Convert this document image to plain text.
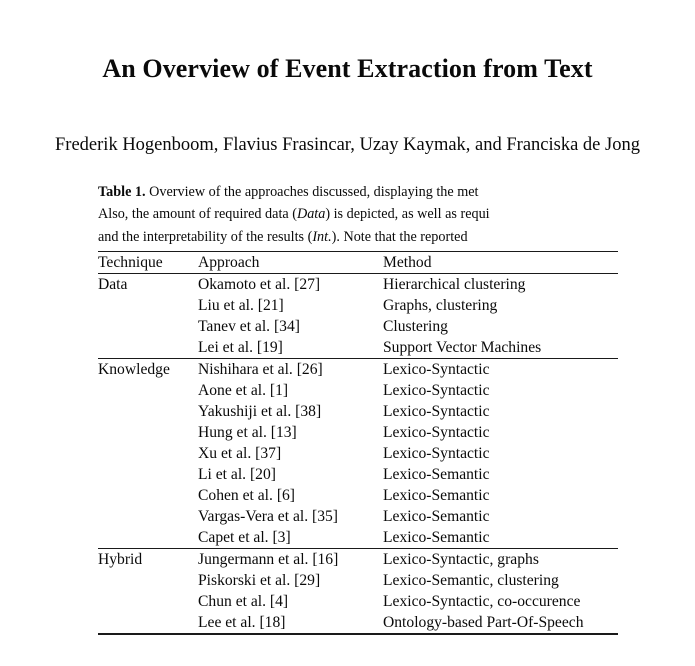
An Overview of Event Extraction from Text
Frederik Hogenboom, Flavius Frasincar, Uzay Kaymak, and Franciska de Jong
Table 1. Overview of the approaches discussed, displaying the met
Also, the amount of required data (Data) is depicted, as well as requi
and the interpretability of the results (Int.). Note that the reported

Technique	Approach	Method

Data	Okamoto et al. [27]	Hierarchical clustering
	Liu et al. [21]	Graphs, clustering
	Tanev et al. [34]	Clustering
	Lei et al. [19]	Support Vector Machines

Knowledge	Nishihara et al. [26]	Lexico-Syntactic
	Aone et al. [1]	Lexico-Syntactic
	Yakushiji et al. [38]	Lexico-Syntactic
	Hung et al. [13]	Lexico-Syntactic
	Xu et al. [37]	Lexico-Syntactic
	Li et al. [20]	Lexico-Semantic
	Cohen et al. [6]	Lexico-Semantic
	Vargas-Vera et al. [35]	Lexico-Semantic
	Capet et al. [3]	Lexico-Semantic

Hybrid	Jungermann et al. [16]	Lexico-Syntactic, graphs
	Piskorski et al. [29]	Lexico-Semantic, clustering
	Chun et al. [4]	Lexico-Syntactic, co-occurence
	Lee et al. [18]	Ontology-based Part-Of-Speech
